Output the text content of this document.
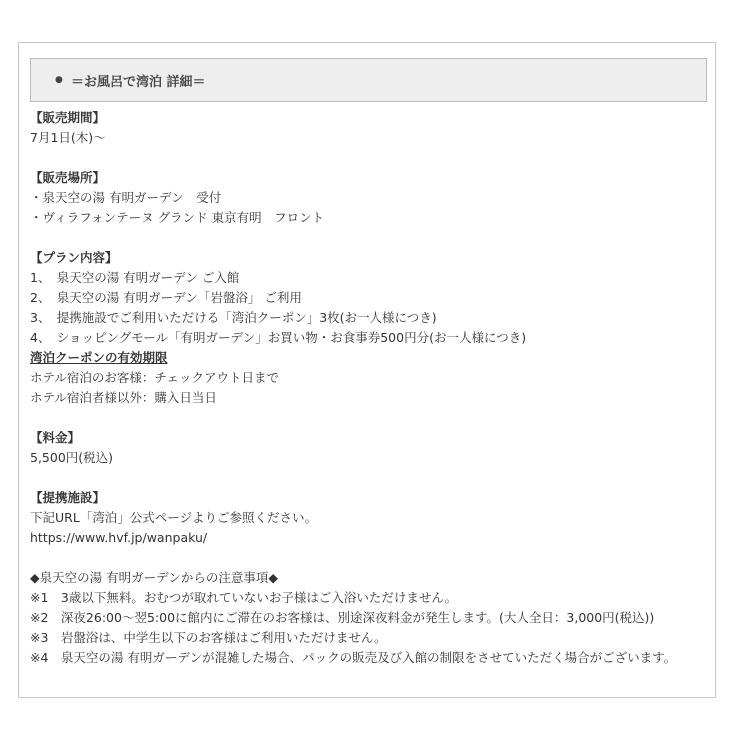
● ＝お風呂で湾泊 詳細＝
【販売期間】
7月1日(木)〜
【販売場所】
・泉天空の湯 有明ガーデン　受付
・ヴィラフォンテーヌ グランド 東京有明　フロント
【プラン内容】
1、　泉天空の湯 有明ガーデン ご入館
2、　泉天空の湯 有明ガーデン「岩盤浴」 ご利用
3、　提携施設でご利用いただける「湾泊クーポン」3枚(お一人様につき)
4、　ショッピングモール「有明ガーデン」お買い物・お食事券500円分(お一人様につき)
湾泊クーポンの有効期限
ホテル宿泊のお客様：チェックアウト日まで
ホテル宿泊者様以外：購入日当日
【料金】
5,500円(税込)
【提携施設】
下記URL「湾泊」公式ページよりご参照ください。
https://www.hvf.jp/wanpaku/
◆泉天空の湯 有明ガーデンからの注意事項◆
※1　3歳以下無料。おむつが取れていないお子様はご入浴いただけません。
※2　深夜26:00〜翌5:00に館内にご滞在のお客様は、別途深夜料金が発生します。(大人全日：3,000円(税込))
※3　岩盤浴は、中学生以下のお客様はご利用いただけません。
※4　泉天空の湯 有明ガーデンが混雑した場合、パックの販売及び入館の制限をさせていただく場合がございます。
